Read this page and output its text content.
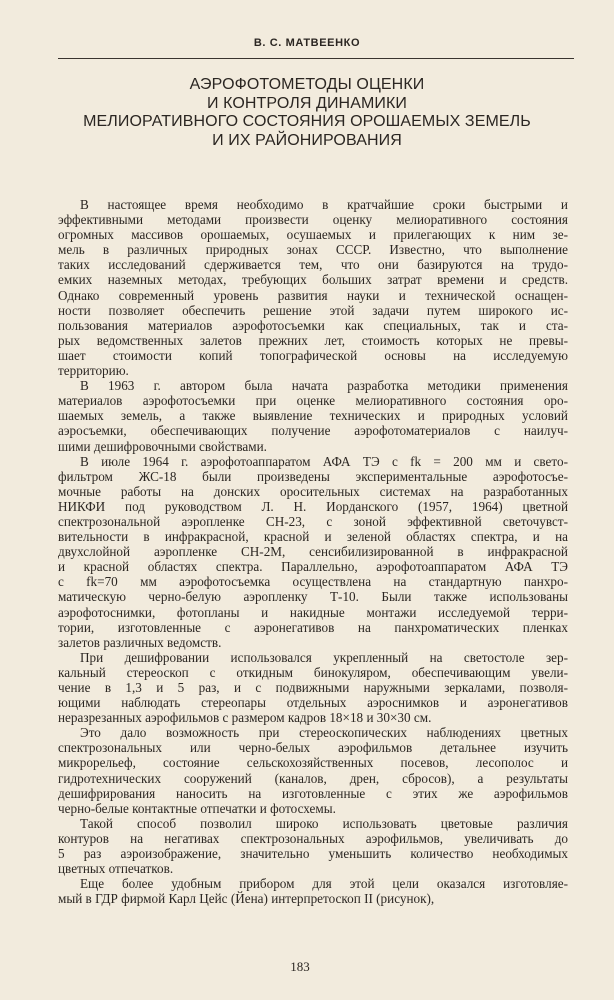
В. С. МАТВЕЕНКО
АЭРОФОТОМЕТОДЫ ОЦЕНКИ
И КОНТРОЛЯ ДИНАМИКИ
МЕЛИОРАТИВНОГО СОСТОЯНИЯ ОРОШАЕМЫХ ЗЕМЕЛЬ
И ИХ РАЙОНИРОВАНИЯ
В настоящее время необходимо в кратчайшие сроки быстрыми и
эффективными методами произвести оценку мелиоративного состояния
огромных массивов орошаемых, осушаемых и прилегающих к ним зе-
мель в различных природных зонах СССР. Известно, что выполнение
таких исследований сдерживается тем, что они базируются на трудо-
емких наземных методах, требующих больших затрат времени и средств.
Однако современный уровень развития науки и технической оснащен-
ности позволяет обеспечить решение этой задачи путем широкого ис-
пользования материалов аэрофотосъемки как специальных, так и ста-
рых ведомственных залетов прежних лет, стоимость которых не превы-
шает стоимости копий топографической основы на исследуемую
территорию.
В 1963 г. автором была начата разработка методики применения
материалов аэрофотосъемки при оценке мелиоративного состояния оро-
шаемых земель, а также выявление технических и природных условий
аэросъемки, обеспечивающих получение аэрофотоматериалов с наилуч-
шими дешифровочными свойствами.
В июле 1964 г. аэрофотоаппаратом АФА ТЭ с fk = 200 мм и свето-
фильтром ЖС-18 были произведены экспериментальные аэрофотосъе-
мочные работы на донских оросительных системах на разработанных
НИКФИ под руководством Л. Н. Иорданского (1957, 1964) цветной
спектрозональной аэропленке СН-23, с зоной эффективной светочувст-
вительности в инфракрасной, красной и зеленой областях спектра, и на
двухслойной аэропленке СН-2М, сенсибилизированной в инфракрасной
и красной областях спектра. Параллельно, аэрофотоаппаратом АФА ТЭ
с fk=70 мм аэрофотосъемка осуществлена на стандартную панхро-
матическую черно-белую аэропленку Т-10. Были также использованы
аэрофотоснимки, фотопланы и накидные монтажи исследуемой терри-
тории, изготовленные с аэронегативов на панхроматических пленках
залетов различных ведомств.
При дешифровании использовался укрепленный на светостоле зер-
кальный стереоскоп с откидным бинокуляром, обеспечивающим увели-
чение в 1,3 и 5 раз, и с подвижными наружными зеркалами, позволя-
ющими наблюдать стереопары отдельных аэроснимков и аэронегативов
неразрезанных аэрофильмов с размером кадров 18×18 и 30×30 см.
Это дало возможность при стереоскопических наблюдениях цветных
спектрозональных или черно-белых аэрофильмов детальнее изучить
микрорельеф, состояние сельскохозяйственных посевов, лесополос и
гидротехнических сооружений (каналов, дрен, сбросов), а результаты
дешифрирования наносить на изготовленные с этих же аэрофильмов
черно-белые контактные отпечатки и фотосхемы.
Такой способ позволил широко использовать цветовые различия
контуров на негативах спектрозональных аэрофильмов, увеличивать до
5 раз аэроизображение, значительно уменьшить количество необходимых
цветных отпечатков.
Еще более удобным прибором для этой цели оказался изготовляе-
мый в ГДР фирмой Карл Цейс (Йена) интерпретоскоп II (рисунок),
183
